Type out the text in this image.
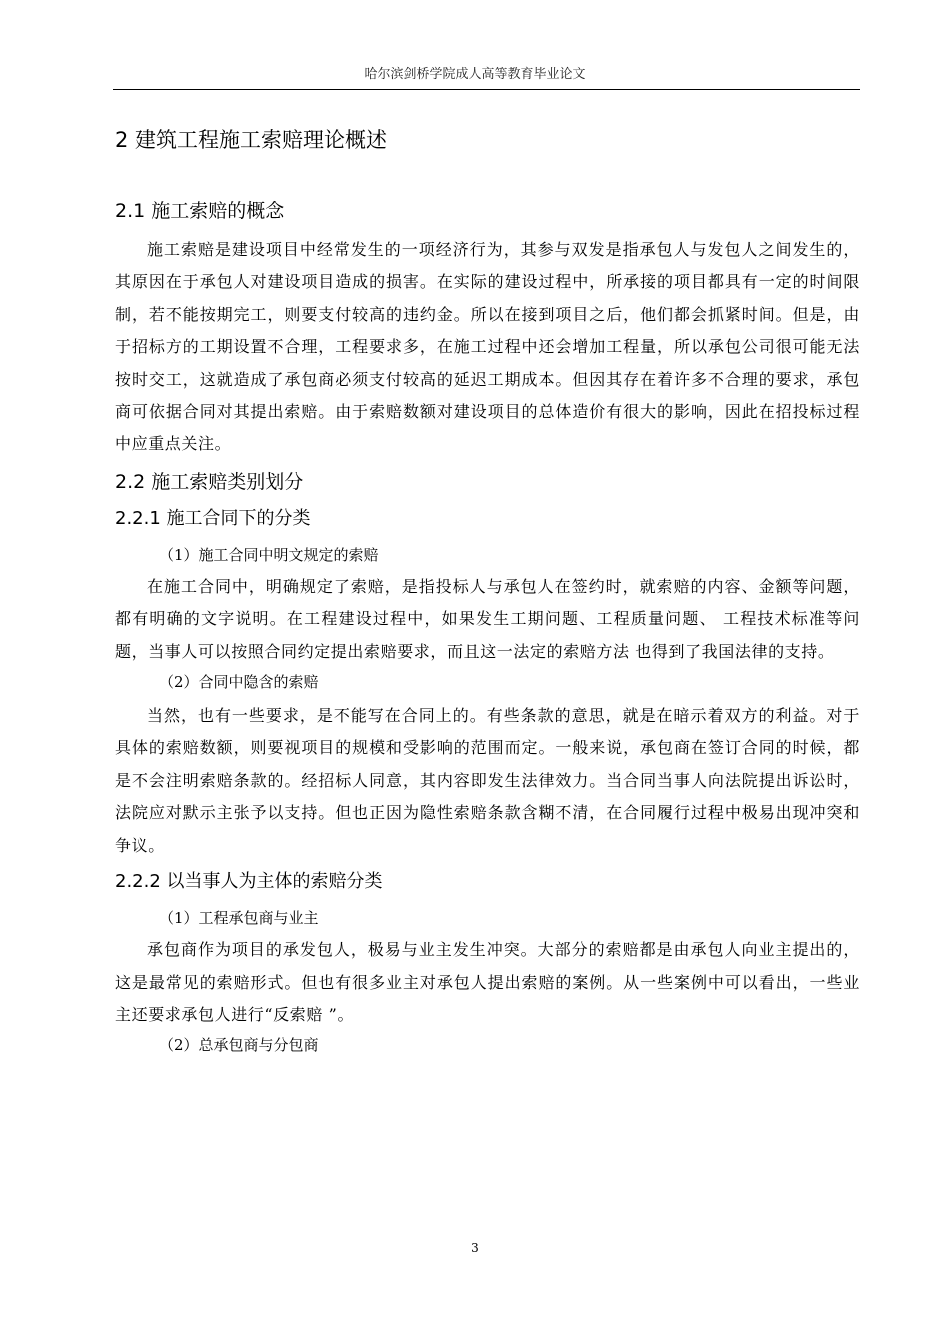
哈尔滨剑桥学院成人高等教育毕业论文
2 建筑工程施工索赔理论概述
2.1 施工索赔的概念

施工索赔是建设项目中经常发生的一项经济行为，其参与双发是指承包人与发包人之间发生的，其原因在于承包人对建设项目造成的损害。在实际的建设过程中，所承接的项目都具有一定的时间限制，若不能按期完工，则要支付较高的违约金。所以在接到项目之后，他们都会抓紧时间。但是，由于招标方的工期设置不合理，工程要求多，在施工过程中还会增加工程量，所以承包公司很可能无法按时交工，这就造成了承包商必须支付较高的延迟工期成本。但因其存在着许多不合理的要求，承包商可依据合同对其提出索赔。由于索赔数额对建设项目的总体造价有很大的影响，因此在招投标过程中应重点关注。

2.2 施工索赔类别划分
2.2.1 施工合同下的分类

（1）施工合同中明文规定的索赔

在施工合同中，明确规定了索赔，是指投标人与承包人在签约时，就索赔的内容、金额等问题，都有明确的文字说明。在工程建设过程中，如果发生工期问题、工程质量问题、 工程技术标准等问题，当事人可以按照合同约定提出索赔要求，而且这一法定的索赔方法 也得到了我国法律的支持。

（2）合同中隐含的索赔

当然，也有一些要求，是不能写在合同上的。有些条款的意思，就是在暗示着双方的利益。对于具体的索赔数额，则要视项目的规模和受影响的范围而定。一般来说，承包商在签订合同的时候，都是不会注明索赔条款的。经招标人同意，其内容即发生法律效力。当合同当事人向法院提出诉讼时，法院应对默示主张予以支持。但也正因为隐性索赔条款含糊不清，在合同履行过程中极易出现冲突和争议。

2.2.2 以当事人为主体的索赔分类

（1）工程承包商与业主

承包商作为项目的承发包人，极易与业主发生冲突。大部分的索赔都是由承包人向业主提出的，这是最常见的索赔形式。但也有很多业主对承包人提出索赔的案例。从一些案例中可以看出，一些业主还要求承包人进行“反索赔 ”。

（2）总承包商与分包商

3
